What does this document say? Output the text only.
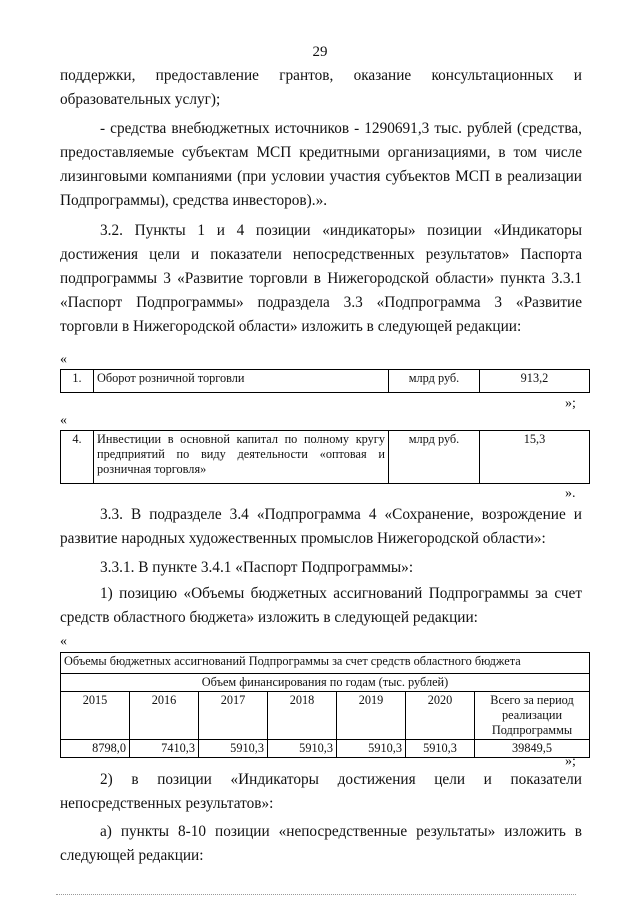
29

поддержки, предоставление грантов, оказание консультационных и образовательных услуг);

- средства внебюджетных источников - 1290691,3 тыс. рублей (средства, предоставляемые субъектам МСП кредитными организациями, в том числе лизинговыми компаниями (при условии участия субъектов МСП в реализации Подпрограммы), средства инвесторов).».

3.2. Пункты 1 и 4 позиции «индикаторы» позиции «Индикаторы достижения цели и показатели непосредственных результатов» Паспорта подпрограммы 3 «Развитие торговли в Нижегородской области» пункта 3.3.1 «Паспорт Подпрограммы» подраздела 3.3 «Подпрограмма 3 «Развитие торговли в Нижегородской области» изложить в следующей редакции:

«
1.	Оборот розничной торговли	млрд руб.	913,2
»;
«
4.	Инвестиции в основной капитал по полному кругу предприятий по виду деятельности «оптовая и розничная торговля»	млрд руб.	15,3
».

3.3. В подразделе 3.4 «Подпрограмма 4 «Сохранение, возрождение и развитие народных художественных промыслов Нижегородской области»:

3.3.1. В пункте 3.4.1 «Паспорт Подпрограммы»:

1) позицию «Объемы бюджетных ассигнований Подпрограммы за счет средств областного бюджета» изложить в следующей редакции:

«
Объемы бюджетных ассигнований Подпрограммы за счет средств областного бюджета						
Объем финансирования по годам (тыс. рублей)						
2015	2016	2017	2018	2019	2020	Всего за период реализации Подпрограммы
8798,0	7410,3	5910,3	5910,3	5910,3	5910,3	39849,5
»;

2) в позиции «Индикаторы достижения цели и показатели непосредственных результатов»:

а) пункты 8-10 позиции «непосредственные результаты» изложить в следующей редакции:
